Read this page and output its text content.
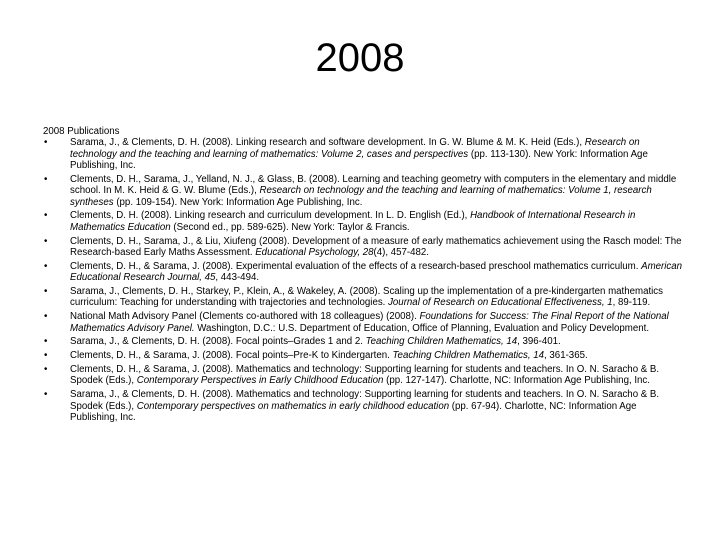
2008
2008 Publications
• Sarama, J., & Clements, D. H. (2008). Linking research and software development. In G. W. Blume & M. K. Heid (Eds.), Research on technology and the teaching and learning of mathematics: Volume 2, cases and perspectives (pp. 113-130). New York: Information Age Publishing, Inc.
• Clements, D. H., Sarama, J., Yelland, N. J., & Glass, B. (2008). Learning and teaching geometry with computers in the elementary and middle school. In M. K. Heid & G. W. Blume (Eds.), Research on technology and the teaching and learning of mathematics: Volume 1, research syntheses (pp. 109-154). New York: Information Age Publishing, Inc.
• Clements, D. H. (2008). Linking research and curriculum development. In L. D. English (Ed.), Handbook of International Research in Mathematics Education (Second ed., pp. 589-625). New York: Taylor & Francis.
• Clements, D. H., Sarama, J., & Liu, Xiufeng (2008). Development of a measure of early mathematics achievement using the Rasch model: The Research-based Early Maths Assessment. Educational Psychology, 28(4), 457-482.
• Clements, D. H., & Sarama, J. (2008). Experimental evaluation of the effects of a research-based preschool mathematics curriculum. American Educational Research Journal, 45, 443-494.
• Sarama, J., Clements, D. H., Starkey, P., Klein, A., & Wakeley, A. (2008). Scaling up the implementation of a pre-kindergarten mathematics curriculum: Teaching for understanding with trajectories and technologies. Journal of Research on Educational Effectiveness, 1, 89-119.
• National Math Advisory Panel (Clements co-authored with 18 colleagues) (2008). Foundations for Success: The Final Report of the National Mathematics Advisory Panel. Washington, D.C.: U.S. Department of Education, Office of Planning, Evaluation and Policy Development.
• Sarama, J., & Clements, D. H. (2008). Focal points–Grades 1 and 2. Teaching Children Mathematics, 14, 396-401.
• Clements, D. H., & Sarama, J. (2008). Focal points–Pre-K to Kindergarten. Teaching Children Mathematics, 14, 361-365.
• Clements, D. H., & Sarama, J. (2008). Mathematics and technology: Supporting learning for students and teachers. In O. N. Saracho & B. Spodek (Eds.), Contemporary Perspectives in Early Childhood Education (pp. 127-147). Charlotte, NC: Information Age Publishing, Inc.
• Sarama, J., & Clements, D. H. (2008). Mathematics and technology: Supporting learning for students and teachers. In O. N. Saracho & B. Spodek (Eds.), Contemporary perspectives on mathematics in early childhood education (pp. 67-94). Charlotte, NC: Information Age Publishing, Inc.
